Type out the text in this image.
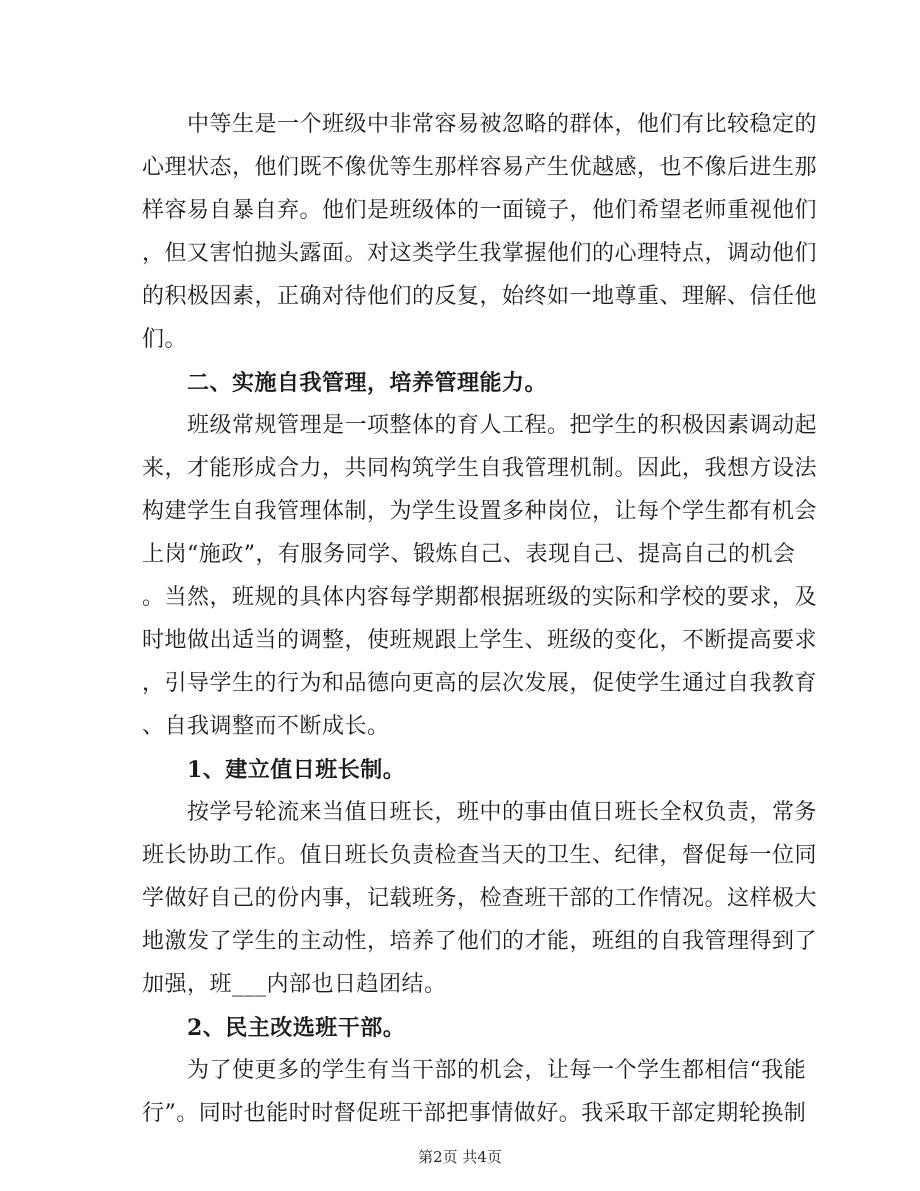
　　中等生是一个班级中非常容易被忽略的群体，他们有比较稳定的
心理状态，他们既不像优等生那样容易产生优越感，也不像后进生那
样容易自暴自弃。他们是班级体的一面镜子，他们希望老师重视他们
，但又害怕抛头露面。对这类学生我掌握他们的心理特点，调动他们
的积极因素，正确对待他们的反复，始终如一地尊重、理解、信任他
们。
　　二、实施自我管理，培养管理能力。
　　班级常规管理是一项整体的育人工程。把学生的积极因素调动起
来，才能形成合力，共同构筑学生自我管理机制。因此，我想方设法
构建学生自我管理体制，为学生设置多种岗位，让每个学生都有机会
上岗“施政”，有服务同学、锻炼自己、表现自己、提高自己的机会
。当然，班规的具体内容每学期都根据班级的实际和学校的要求，及
时地做出适当的调整，使班规跟上学生、班级的变化，不断提高要求
，引导学生的行为和品德向更高的层次发展，促使学生通过自我教育
、自我调整而不断成长。
　　1、建立值日班长制。
　　按学号轮流来当值日班长，班中的事由值日班长全权负责，常务
班长协助工作。值日班长负责检查当天的卫生、纪律，督促每一位同
学做好自己的份内事，记载班务，检查班干部的工作情况。这样极大
地激发了学生的主动性，培养了他们的才能，班组的自我管理得到了
加强，班___内部也日趋团结。
　　2、民主改选班干部。
　　为了使更多的学生有当干部的机会，让每一个学生都相信“我能
行”。同时也能时时督促班干部把事情做好。我采取干部定期轮换制
第2页 共4页
